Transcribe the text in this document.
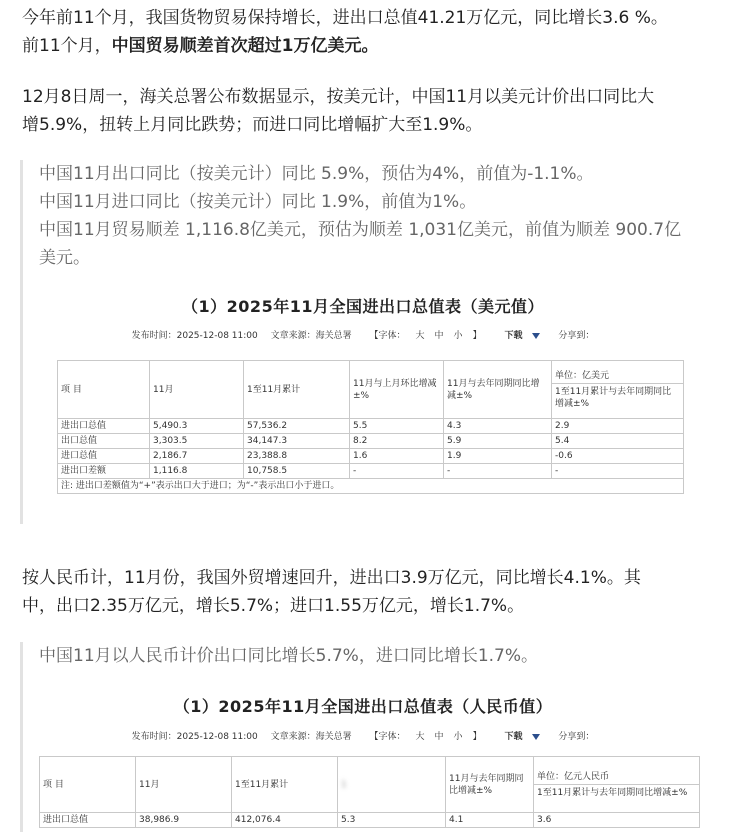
今年前11个月，我国货物贸易保持增长，进出口总值41.21万亿元，同比增长3.6 %。
前11个月，中国贸易顺差首次超过1万亿美元。
12月8日周一，海关总署公布数据显示，按美元计，中国11月以美元计价出口同比大
增5.9%，扭转上月同比跌势；而进口同比增幅扩大至1.9%。

中国11月出口同比（按美元计）同比 5.9%，预估为4%，前值为-1.1%。

中国11月进口同比（按美元计）同比 1.9%，前值为1%。

中国11月贸易顺差 1,116.8亿美元，预估为顺差 1,031亿美元，前值为顺差 900.7亿

美元。

（1）2025年11月全国进出口总值表（美元值）
发布时间：2025-12-08 11:00 文章来源：海关总署 【字体： 大 中 小 】	下载	分享到：
项 目	11月	1至11月累计	11月与上月环比增减±%	11月与去年同期同比增减±%	单位：亿美元
1至11月累计与去年同期同比增减±%

进出口总值	5,490.3	57,536.2	5.5	4.3	2.9
出口总值	3,303.5	34,147.3	8.2	5.9	5.4
进口总值	2,186.7	23,388.8	1.6	1.9	-0.6
进出口差额	1,116.8	10,758.5	-	-	-
注: 进出口差额值为“+”表示出口大于进口；为“-”表示出口小于进口。					
按人民币计，11月份，我国外贸增速回升，进出口3.9万亿元，同比增长4.1%。其
中，出口2.35万亿元，增长5.7%；进口1.55万亿元，增长1.7%。

中国11月以人民币计价出口同比增长5.7%，进口同比增长1.7%。

（1）2025年11月全国进出口总值表（人民币值）
发布时间：2025-12-08 11:00 文章来源：海关总署 【字体： 大 中 小 】	下载	分享到：
项 目	11月	1至11月累计	1	11月与去年同期同比增减±%	单位：亿元人民币
1至11月累计与去年同期同比增减±%

进出口总值	38,986.9	412,076.4	5.3	4.1	3.6
